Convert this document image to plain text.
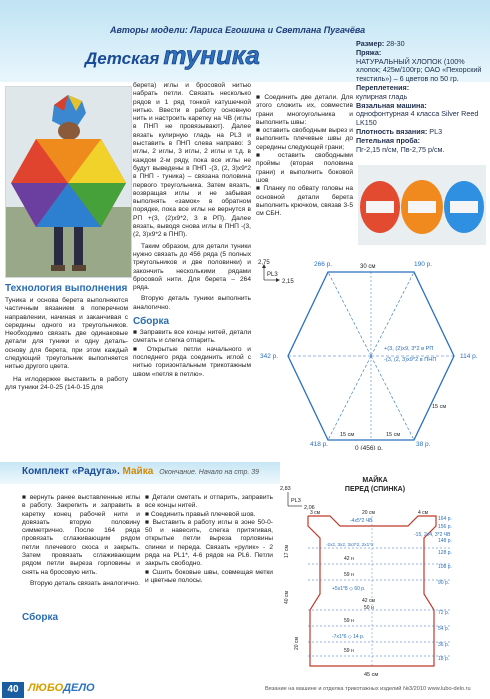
Авторы модели: Лариса Егошина и Светлана Пугачёва
Детская туника	Размер: 28-30
Пряжа:
НАТУРАЛЬНЫЙ ХЛОПОК (100% хлопок; 425м/100гр; ОАО «Пехорский текстиль») – 6 цветов по 50 гр.
Переплетения:
кулирная гладь
Вязальная машина:
однофонтурная 4 класса Silver Reed LK150
Плотность вязания: PL3
Петельная проба:
Пг-2,15 п/см, Пв-2,75 р/см.
Технология выполнения

Туника и основа берета выполняются частичным вязанием в поперечном направлении, начиная и заканчивая с середины одного из треугольников. Необходимо связать две одинаковые детали для туники и одну деталь-основу для берета, при этом каждый следующий треугольник выполняется нитью другого цвета.

На иглодержке выставить в работу для туники 24-0-25 (14-0-15 для

берета) иглы и бросовой нитью набрать петли. Связать несколько рядов и 1 ряд тонкой катушечной нитью. Ввести в работу основную нить и настроить каретку на ЧВ (иглы в ПНП не провязывают). Далее вязать кулирную гладь на PL3 и выставить в ПНП слева направо: 3 иглы, 2 иглы, 3 иглы, 2 иглы и т.д. в каждом 2-м ряду, пока все иглы не будут выведены в ПНП -(3, (2, 3)х9*2 в ПНП - туника) – связана половина первого треугольника. Затем вязать, возвращая иглы и не забывая выполнять «замок» в обратном порядке, пока все иглы не вернутся в РП +(3, (2)х9*2, 3 в РП). Далее вязать, выводя снова иглы в ПНП -(3, (2, 3)х9*2 в ПНП).

Таким образом, для детали туники нужно связать до 456 ряда (5 полных треугольников и две половинки) и закончить несколькими рядами бросовой нити. Для берета – 264 ряда.

Вторую деталь туники выполнить аналогично.

Сборка

■ Заправить все концы нитей, детали сметать и слегка отпарить.

■ Открытые петли начального и последнего ряда соединить иглой с нитью горизонтальным трикотажным швом «петля в петлю».

■ Соединить две детали. Для этого сложить их, совместив грани многоугольника и выполнить швы:

■ оставить свободным вырез и выполнить плечевые швы до середины следующей грани;

■ оставить свободными проймы (вторая половина грани) и выполнить боковой шов

■ Планку по обвату головы на основной детали берета выполнить крючком, связав 3-5 см СБН.

2,75
2,15
PL3
30 см
266 р.	190 р.
342 р.	114 р.
418 р.	38 р.
0 (456) р.
15 см	15 см
15 см
+(3, (2)х9, 3*2 в РП
-(3, (2, 3)х9*2 в ПНП
Комплект «Радуга». Майка Окончание. Начало на стр. 39

■ вернуть ранее выставленные иглы в работу. Закрепить и заправить в каретку конец рабочей нити и довязать вторую половину симметрично. После 164 ряда провязать сглаживающим рядом петли плечевого скоса и закрыть. Затем провязать сглаживающим рядом петли выреза горловины и снять на бросовую нить.

Вторую деталь связать аналогично.

Сборка

■ Детали сметать и отпарить, заправить все концы нитей.

■ Соединить правый плечевой шов.

■ Выставить в работу иглы в зоне 50-0-50 и навесить, слегка притягивая, открытые петли выреза горловины спинки и переда. Связать «рулик» - 2 ряда на PL1*, 4-6 рядов на PL6. Петли закрыть свободно.

■ Сшить боковые швы, совмещая метки и цветные полосы.

МАЙКА
ПЕРЕД (СПИНКА)
PL3
2,83
2,06
3 см	20 см	4 см
-4х5*2 ЧВ
-15, 2х4, 3*2 ЧВ
-2х2, 3х2, 3х3*2, 2х1*2
164 р.
156 р.
148 р.
128 р.
108 р.
90 р.
72 р.
54 р.
36 р.
18 р.
42 н
59 н
59 н
59 н
+5х1*8 ◇ 60 р.
-7х1*6 ◇ 14 р.
42 см
50 н
17 см
40 см
20 см
45 см
40 ЛЮБОДЕЛО	Вязание на машине и отделка трикотажных изделий №3/2010 www.lubo-delo.ru
